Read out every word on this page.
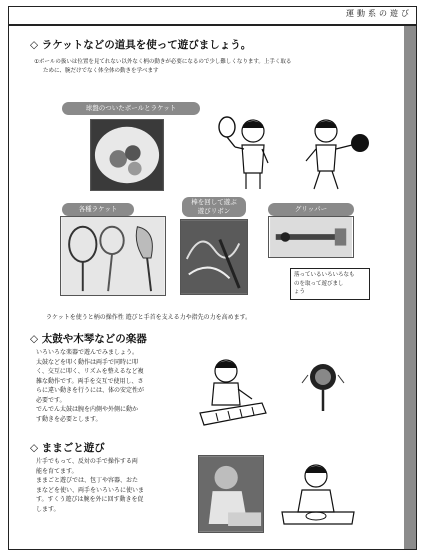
運動系の遊び
◇ ラケットなどの道具を使って遊びましょう。
①ボールの扱いは位置を見てれない以外なく柄の動きが必要になるので少し難しくなります。上手く取る
ために、腕だけでなく体全体の動きを学べます
球盤のついたボールとラケット
各種ラケット
棒を回して遊ぶ
遊びリボン	グリッパー
落っているいろいろなも
のを取って遊びまし
ょう
ラケットを使うと柄の操作性 遊びと手首を支える力や指先の力を高めます。
◇ 太鼓や木琴などの楽器
いろいろな楽器で遊んでみましょう。
太鼓などを叩く動作は両手で同時に叩
く、交互に叩く、リズムを整えるなど複
雑な動作です。両手を交互で使用し、さ
らに違い動きを行うには、体の安定性が
必要です。
でんでん太鼓は腕を内側や外側に動か
す動きを必要とします。
◇ ままごと遊び
片手でもって、反対の手で操作する両
能を育てます。
ままごと遊びでは、包丁や容器、おた
まなどを使い、両手をいろいろに使いま
す。すくう遊びは腕を外に回す動きを促
します。
